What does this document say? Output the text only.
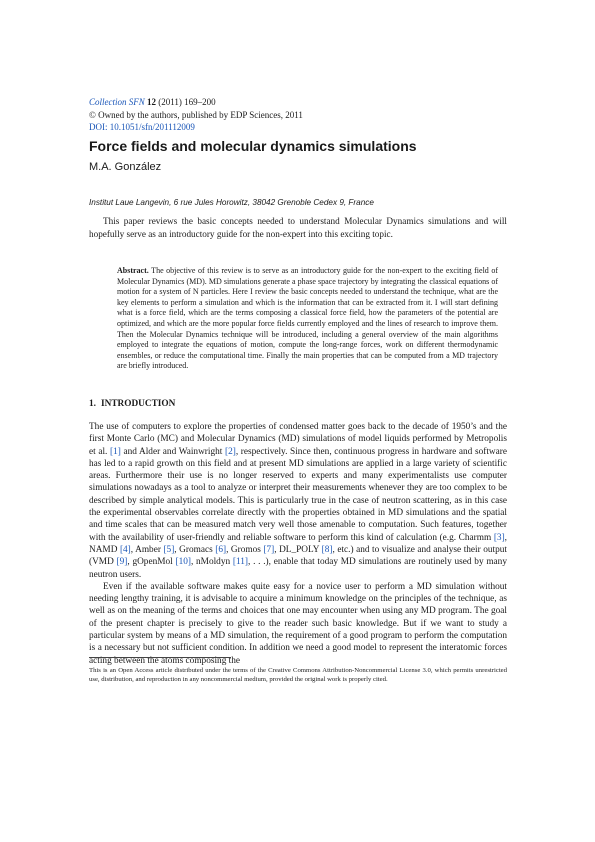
Collection SFN 12 (2011) 169–200
© Owned by the authors, published by EDP Sciences, 2011
DOI: 10.1051/sfn/201112009
Force fields and molecular dynamics simulations
M.A. González
Institut Laue Langevin, 6 rue Jules Horowitz, 38042 Grenoble Cedex 9, France

This paper reviews the basic concepts needed to understand Molecular Dynamics simulations and will hopefully serve as an introductory guide for the non-expert into this exciting topic.

Abstract. The objective of this review is to serve as an introductory guide for the non-expert to the exciting field of Molecular Dynamics (MD). MD simulations generate a phase space trajectory by integrating the classical equations of motion for a system of N particles. Here I review the basic concepts needed to understand the technique, what are the key elements to perform a simulation and which is the information that can be extracted from it. I will start defining what is a force field, which are the terms composing a classical force field, how the parameters of the potential are optimized, and which are the more popular force fields currently employed and the lines of research to improve them. Then the Molecular Dynamics technique will be introduced, including a general overview of the main algorithms employed to integrate the equations of motion, compute the long-range forces, work on different thermodynamic ensembles, or reduce the computational time. Finally the main properties that can be computed from a MD trajectory are briefly introduced.

1. INTRODUCTION

The use of computers to explore the properties of condensed matter goes back to the decade of 1950’s and the first Monte Carlo (MC) and Molecular Dynamics (MD) simulations of model liquids performed by Metropolis et al. [1] and Alder and Wainwright [2], respectively. Since then, continuous progress in hardware and software has led to a rapid growth on this field and at present MD simulations are applied in a large variety of scientific areas. Furthermore their use is no longer reserved to experts and many experimentalists use computer simulations nowadays as a tool to analyze or interpret their measurements whenever they are too complex to be described by simple analytical models. This is particularly true in the case of neutron scattering, as in this case the experimental observables correlate directly with the properties obtained in MD simulations and the spatial and time scales that can be measured match very well those amenable to computation. Such features, together with the availability of user-friendly and reliable software to perform this kind of calculation (e.g. Charmm [3], NAMD [4], Amber [5], Gromacs [6], Gromos [7], DL_POLY [8], etc.) and to visualize and analyse their output (VMD [9], gOpenMol [10], nMoldyn [11], . . .), enable that today MD simulations are routinely used by many neutron users.

Even if the available software makes quite easy for a novice user to perform a MD simulation without needing lengthy training, it is advisable to acquire a minimum knowledge on the principles of the technique, as well as on the meaning of the terms and choices that one may encounter when using any MD program. The goal of the present chapter is precisely to give to the reader such basic knowledge. But if we want to study a particular system by means of a MD simulation, the requirement of a good program to perform the computation is a necessary but not sufficient condition. In addition we need a good model to represent the interatomic forces acting between the atoms composing the

This is an Open Access article distributed under the terms of the Creative Commons Attribution-Noncommercial License 3.0, which permits unrestricted use, distribution, and reproduction in any noncommercial medium, provided the original work is properly cited.
